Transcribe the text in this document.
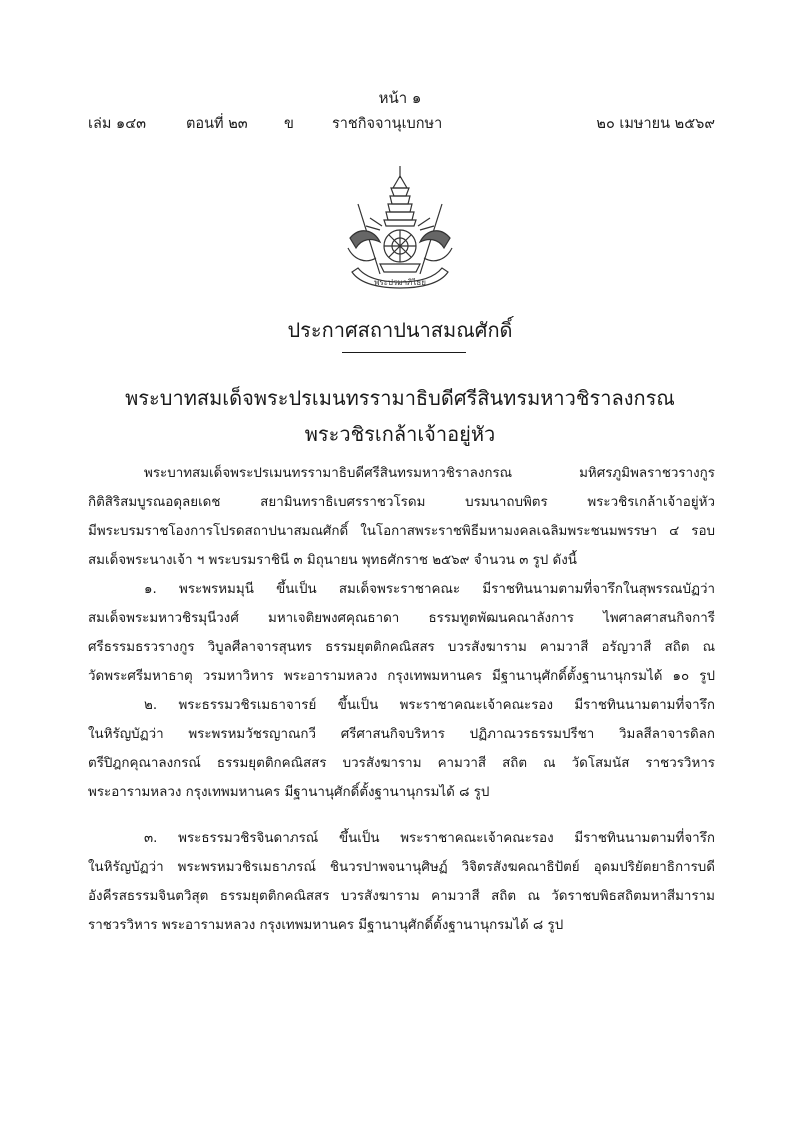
หน้า ๑
เล่ม ๑๔๓	ตอนที่ ๒๓	ข	ราชกิจจานุเบกษา	๒๐ เมษายน ๒๕๖๙
พระปรมาภิไธย
ประกาศสถาปนาสมณศักดิ์
พระบาทสมเด็จพระปรเมนทรรามาธิบดีศรีสินทรมหาวชิราลงกรณ
พระวชิรเกล้าเจ้าอยู่หัว
พระบาทสมเด็จพระปรเมนทรรามาธิบดีศรีสินทรมหาวชิราลงกรณ มหิศรภูมิพลราชวรางกูร
กิติสิริสมบูรณอดุลยเดช สยามินทราธิเบศรราชวโรดม บรมนาถบพิตร พระวชิรเกล้าเจ้าอยู่หัว
มีพระบรมราชโองการโปรดสถาปนาสมณศักดิ์ ในโอกาสพระราชพิธีมหามงคลเฉลิมพระชนมพรรษา ๔ รอบ
สมเด็จพระนางเจ้า ฯ พระบรมราชินี ๓ มิถุนายน พุทธศักราช ๒๕๖๙ จำนวน ๓ รูป ดังนี้
๑. พระพรหมมุนี ขึ้นเป็น สมเด็จพระราชาคณะ มีราชทินนามตามที่จารึกในสุพรรณบัฏว่า
สมเด็จพระมหาวชิรมุนีวงศ์ มหาเจติยพงศคุณธาดา ธรรมทูตพัฒนคณาลังการ ไพศาลศาสนกิจการี
ศรีธรรมธรวรางกูร วิบูลศีลาจารสุนทร ธรรมยุตติกคณิสสร บวรสังฆาราม คามวาสี อรัญวาสี สถิต ณ
วัดพระศรีมหาธาตุ วรมหาวิหาร พระอารามหลวง กรุงเทพมหานคร มีฐานานุศักดิ์ตั้งฐานานุกรมได้ ๑๐ รูป
๒. พระธรรมวชิรเมธาจารย์ ขึ้นเป็น พระราชาคณะเจ้าคณะรอง มีราชทินนามตามที่จารึก
ในหิรัญบัฏว่า พระพรหมวัชรญาณกวี ศรีศาสนกิจบริหาร ปฏิภาณวรธรรมปรีชา วิมลสีลาจารดิลก
ตรีปิฎกคุณาลงกรณ์ ธรรมยุตติกคณิสสร บวรสังฆาราม คามวาสี สถิต ณ วัดโสมนัส ราชวรวิหาร
พระอารามหลวง กรุงเทพมหานคร มีฐานานุศักดิ์ตั้งฐานานุกรมได้ ๘ รูป
๓. พระธรรมวชิรจินดาภรณ์ ขึ้นเป็น พระราชาคณะเจ้าคณะรอง มีราชทินนามตามที่จารึก
ในหิรัญบัฏว่า พระพรหมวชิรเมธาภรณ์ ชินวรปาพจนานุศิษฏ์ วิจิตรสังฆคณาธิปัตย์ อุดมปริยัตยาธิการบดี
อังคีรสธรรมจินตวิสุต ธรรมยุตติกคณิสสร บวรสังฆาราม คามวาสี สถิต ณ วัดราชบพิธสถิตมหาสีมาราม
ราชวรวิหาร พระอารามหลวง กรุงเทพมหานคร มีฐานานุศักดิ์ตั้งฐานานุกรมได้ ๘ รูป
